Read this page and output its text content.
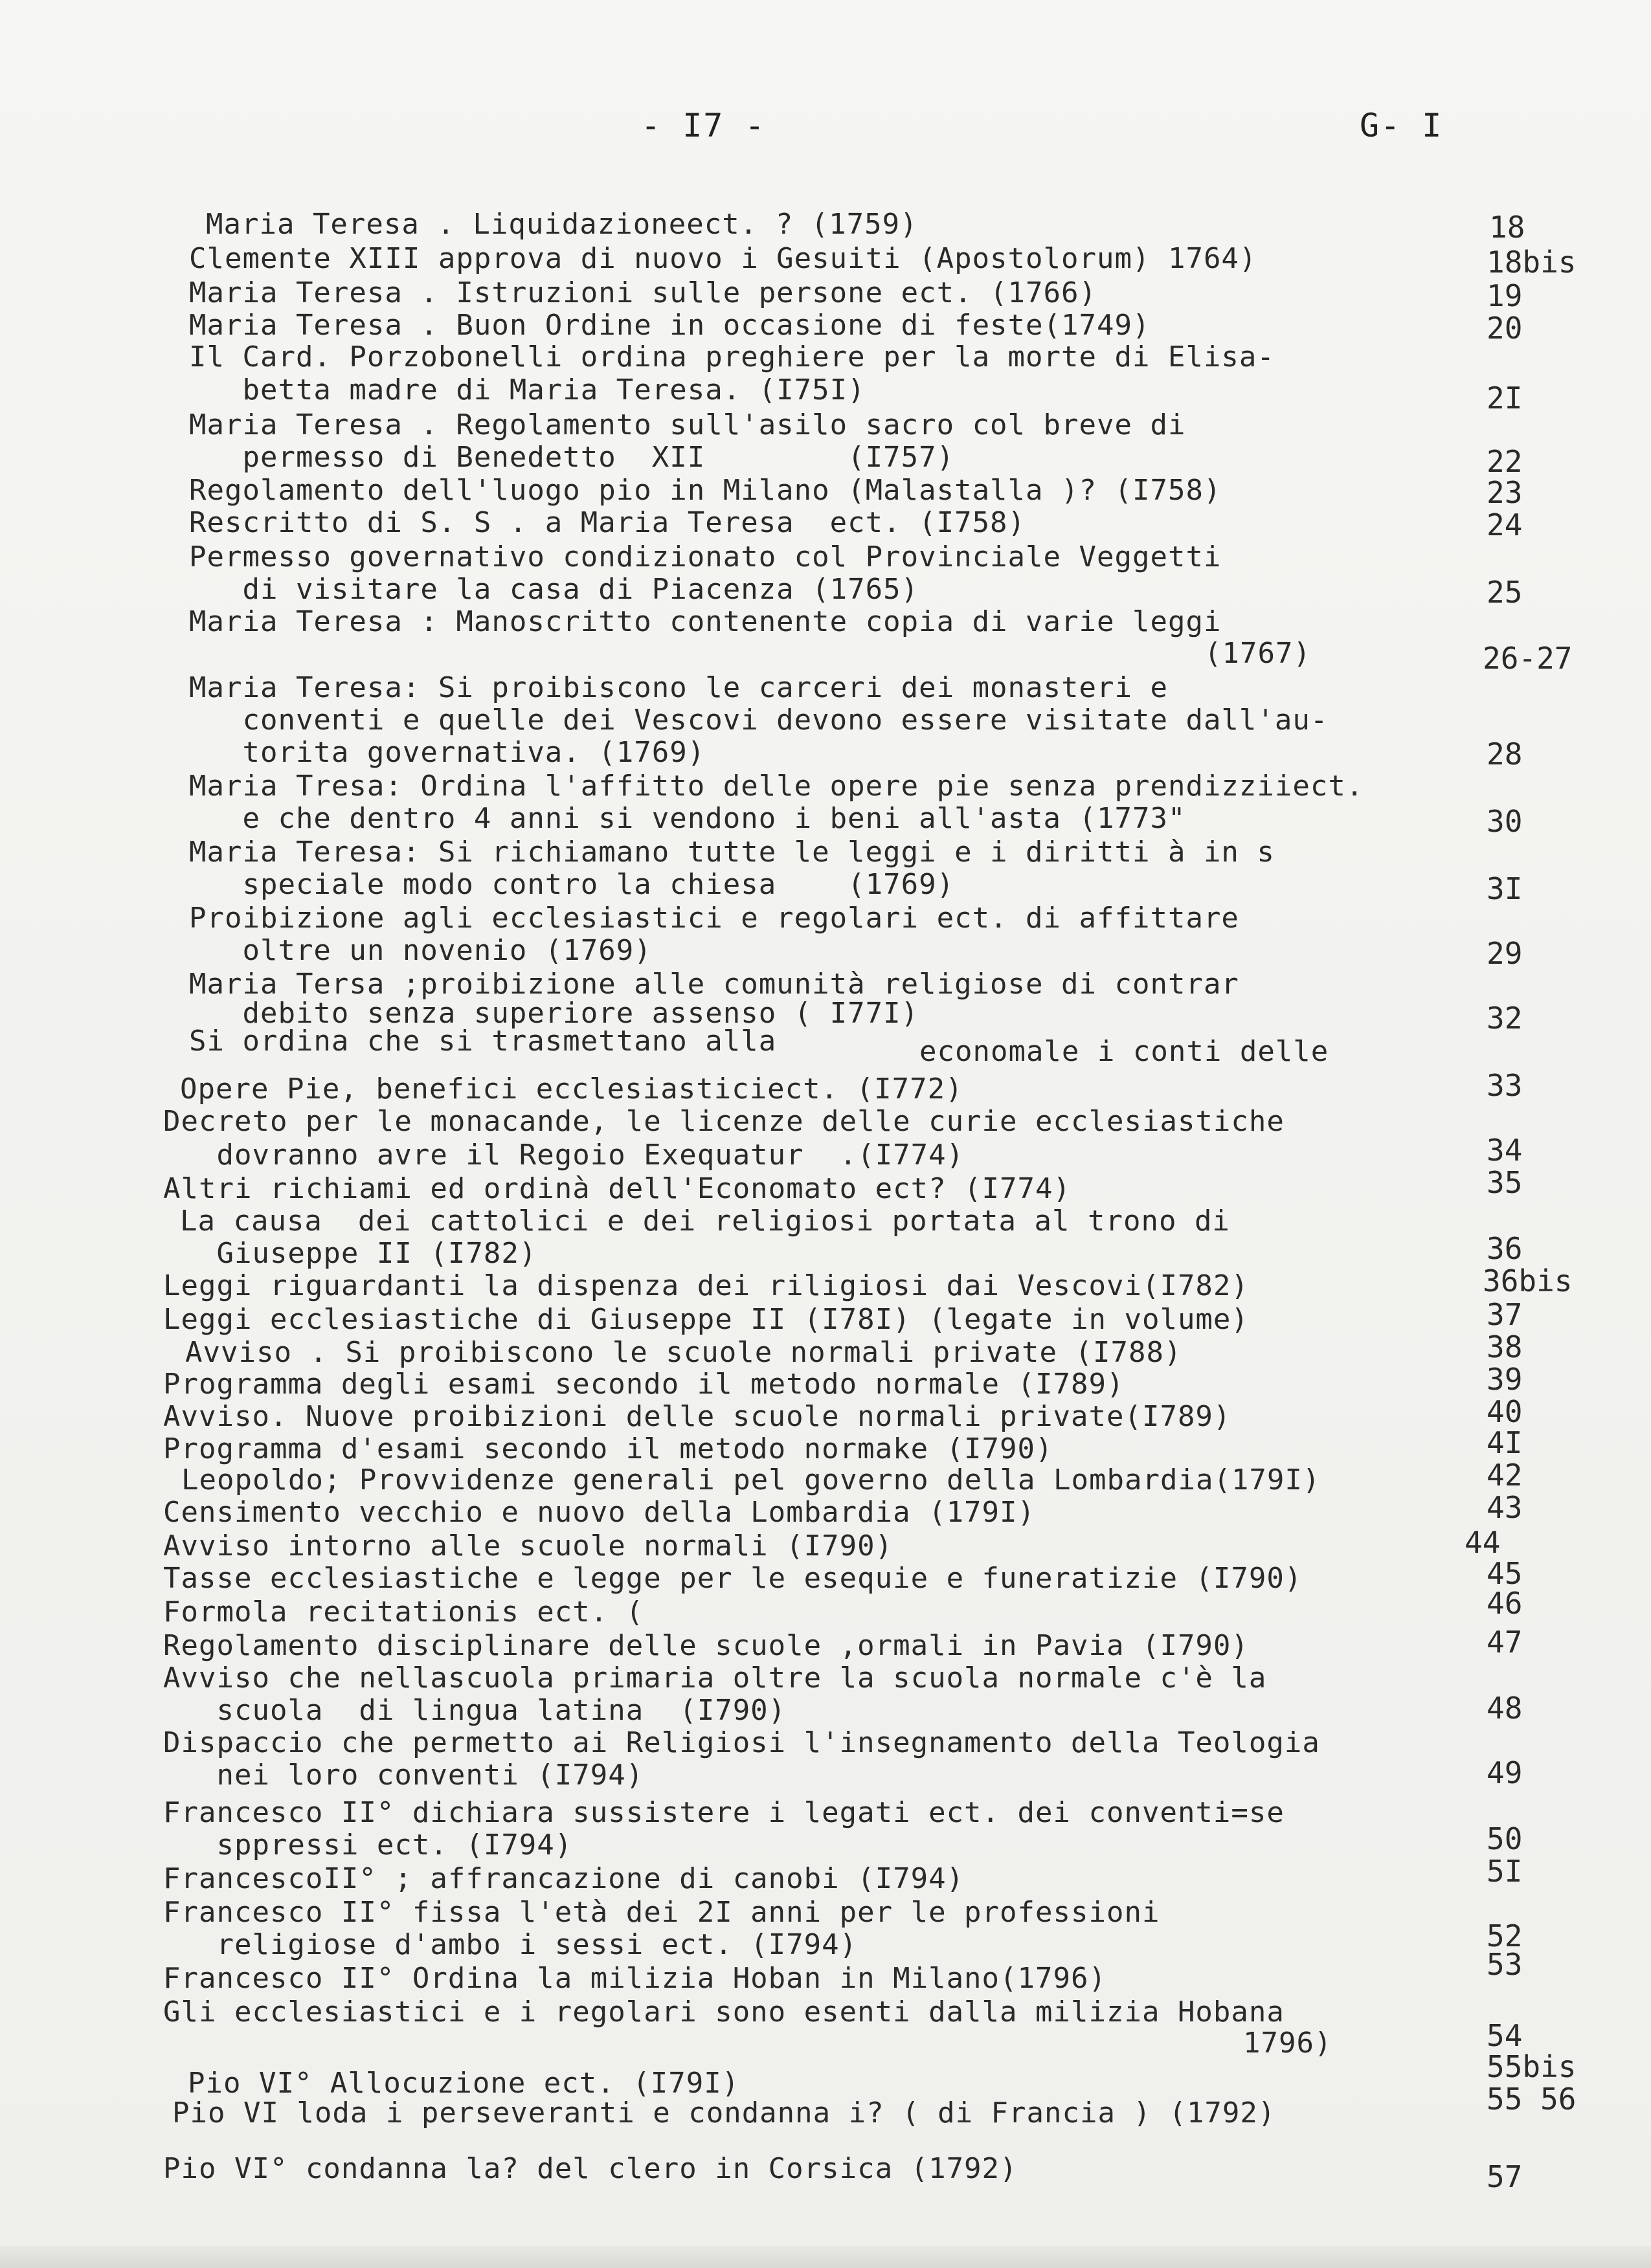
- I7 -	G- I
Maria Teresa . Liquidazioneect. ? (1759)
Clemente XIII approva di nuovo i Gesuiti (Apostolorum) 1764)
Maria Teresa . Istruzioni sulle persone ect. (1766)
Maria Teresa . Buon Ordine in occasione di feste(1749)
Il Card. Porzobonelli ordina preghiere per la morte di Elisa-
betta madre di Maria Teresa. (I75I)
Maria Teresa . Regolamento sull'asilo sacro col breve di
permesso di Benedetto  XII        (I757)
Regolamento dell'luogo pio in Milano (Malastalla )? (I758)
Rescritto di S. S . a Maria Teresa  ect. (I758)
Permesso governativo condizionato col Provinciale Veggetti
di visitare la casa di Piacenza (1765)
Maria Teresa : Manoscritto contenente copia di varie leggi
(1767)
Maria Teresa: Si proibiscono le carceri dei monasteri e
conventi e quelle dei Vescovi devono essere visitate dall'au-
torita governativa. (1769)
Maria Tresa: Ordina l'affitto delle opere pie senza prendizziiect.
e che dentro 4 anni si vendono i beni all'asta (1773"
Maria Teresa: Si richiamano tutte le leggi e i diritti à in s
speciale modo contro la chiesa    (1769)
Proibizione agli ecclesiastici e regolari ect. di affittare
oltre un novenio (1769)
Maria Tersa ;proibizione alle comunità religiose di contrar
debito senza superiore assenso ( I77I)
Si ordina che si trasmettano alla	economale i conti delle
Opere Pie, benefici ecclesiasticiect. (I772)
Decreto per le monacande, le licenze delle curie ecclesiastiche
dovranno avre il Regoio Exequatur  .(I774)
Altri richiami ed ordinà dell'Economato ect? (I774)
La causa  dei cattolici e dei religiosi portata al trono di
Giuseppe II (I782)
Leggi riguardanti la dispenza dei riligiosi dai Vescovi(I782)
Leggi ecclesiastiche di Giuseppe II (I78I) (legate in volume)
Avviso . Si proibiscono le scuole normali private (I788)
Programma degli esami secondo il metodo normale (I789)
Avviso. Nuove proibizioni delle scuole normali private(I789)
Programma d'esami secondo il metodo normake (I790)
Leopoldo; Provvidenze generali pel governo della Lombardia(179I)
Censimento vecchio e nuovo della Lombardia (179I)
Avviso intorno alle scuole normali (I790)
Tasse ecclesiastiche e legge per le esequie e funeratizie (I790)
Formola recitationis ect. (
Regolamento disciplinare delle scuole ,ormali in Pavia (I790)
Avviso che nellascuola primaria oltre la scuola normale c'è la
scuola  di lingua latina  (I790)
Dispaccio che permetto ai Religiosi l'insegnamento della Teologia
nei loro conventi (I794)
Francesco II° dichiara sussistere i legati ect. dei conventi=se
sppressi ect. (I794)
FrancescoII° ; affrancazione di canobi (I794)
Francesco II° fissa l'età dei 2I anni per le professioni
religiose d'ambo i sessi ect. (I794)
Francesco II° Ordina la milizia Hoban in Milano(1796)
Gli ecclesiastici e i regolari sono esenti dalla milizia Hobana
1796)
Pio VI° Allocuzione ect. (I79I)
Pio VI loda i perseveranti e condanna i? ( di Francia ) (1792)
Pio VI° condanna la? del clero in Corsica (1792)
18
18bis
19
20
2I
22
23
24
25
26-27
28
30
3I
29
32
33
34
35
36
36bis
37
38
39
40
4I
42
43
44
45
46
47
48
49
50
5I
52
53
54
55bis
55 56
57
